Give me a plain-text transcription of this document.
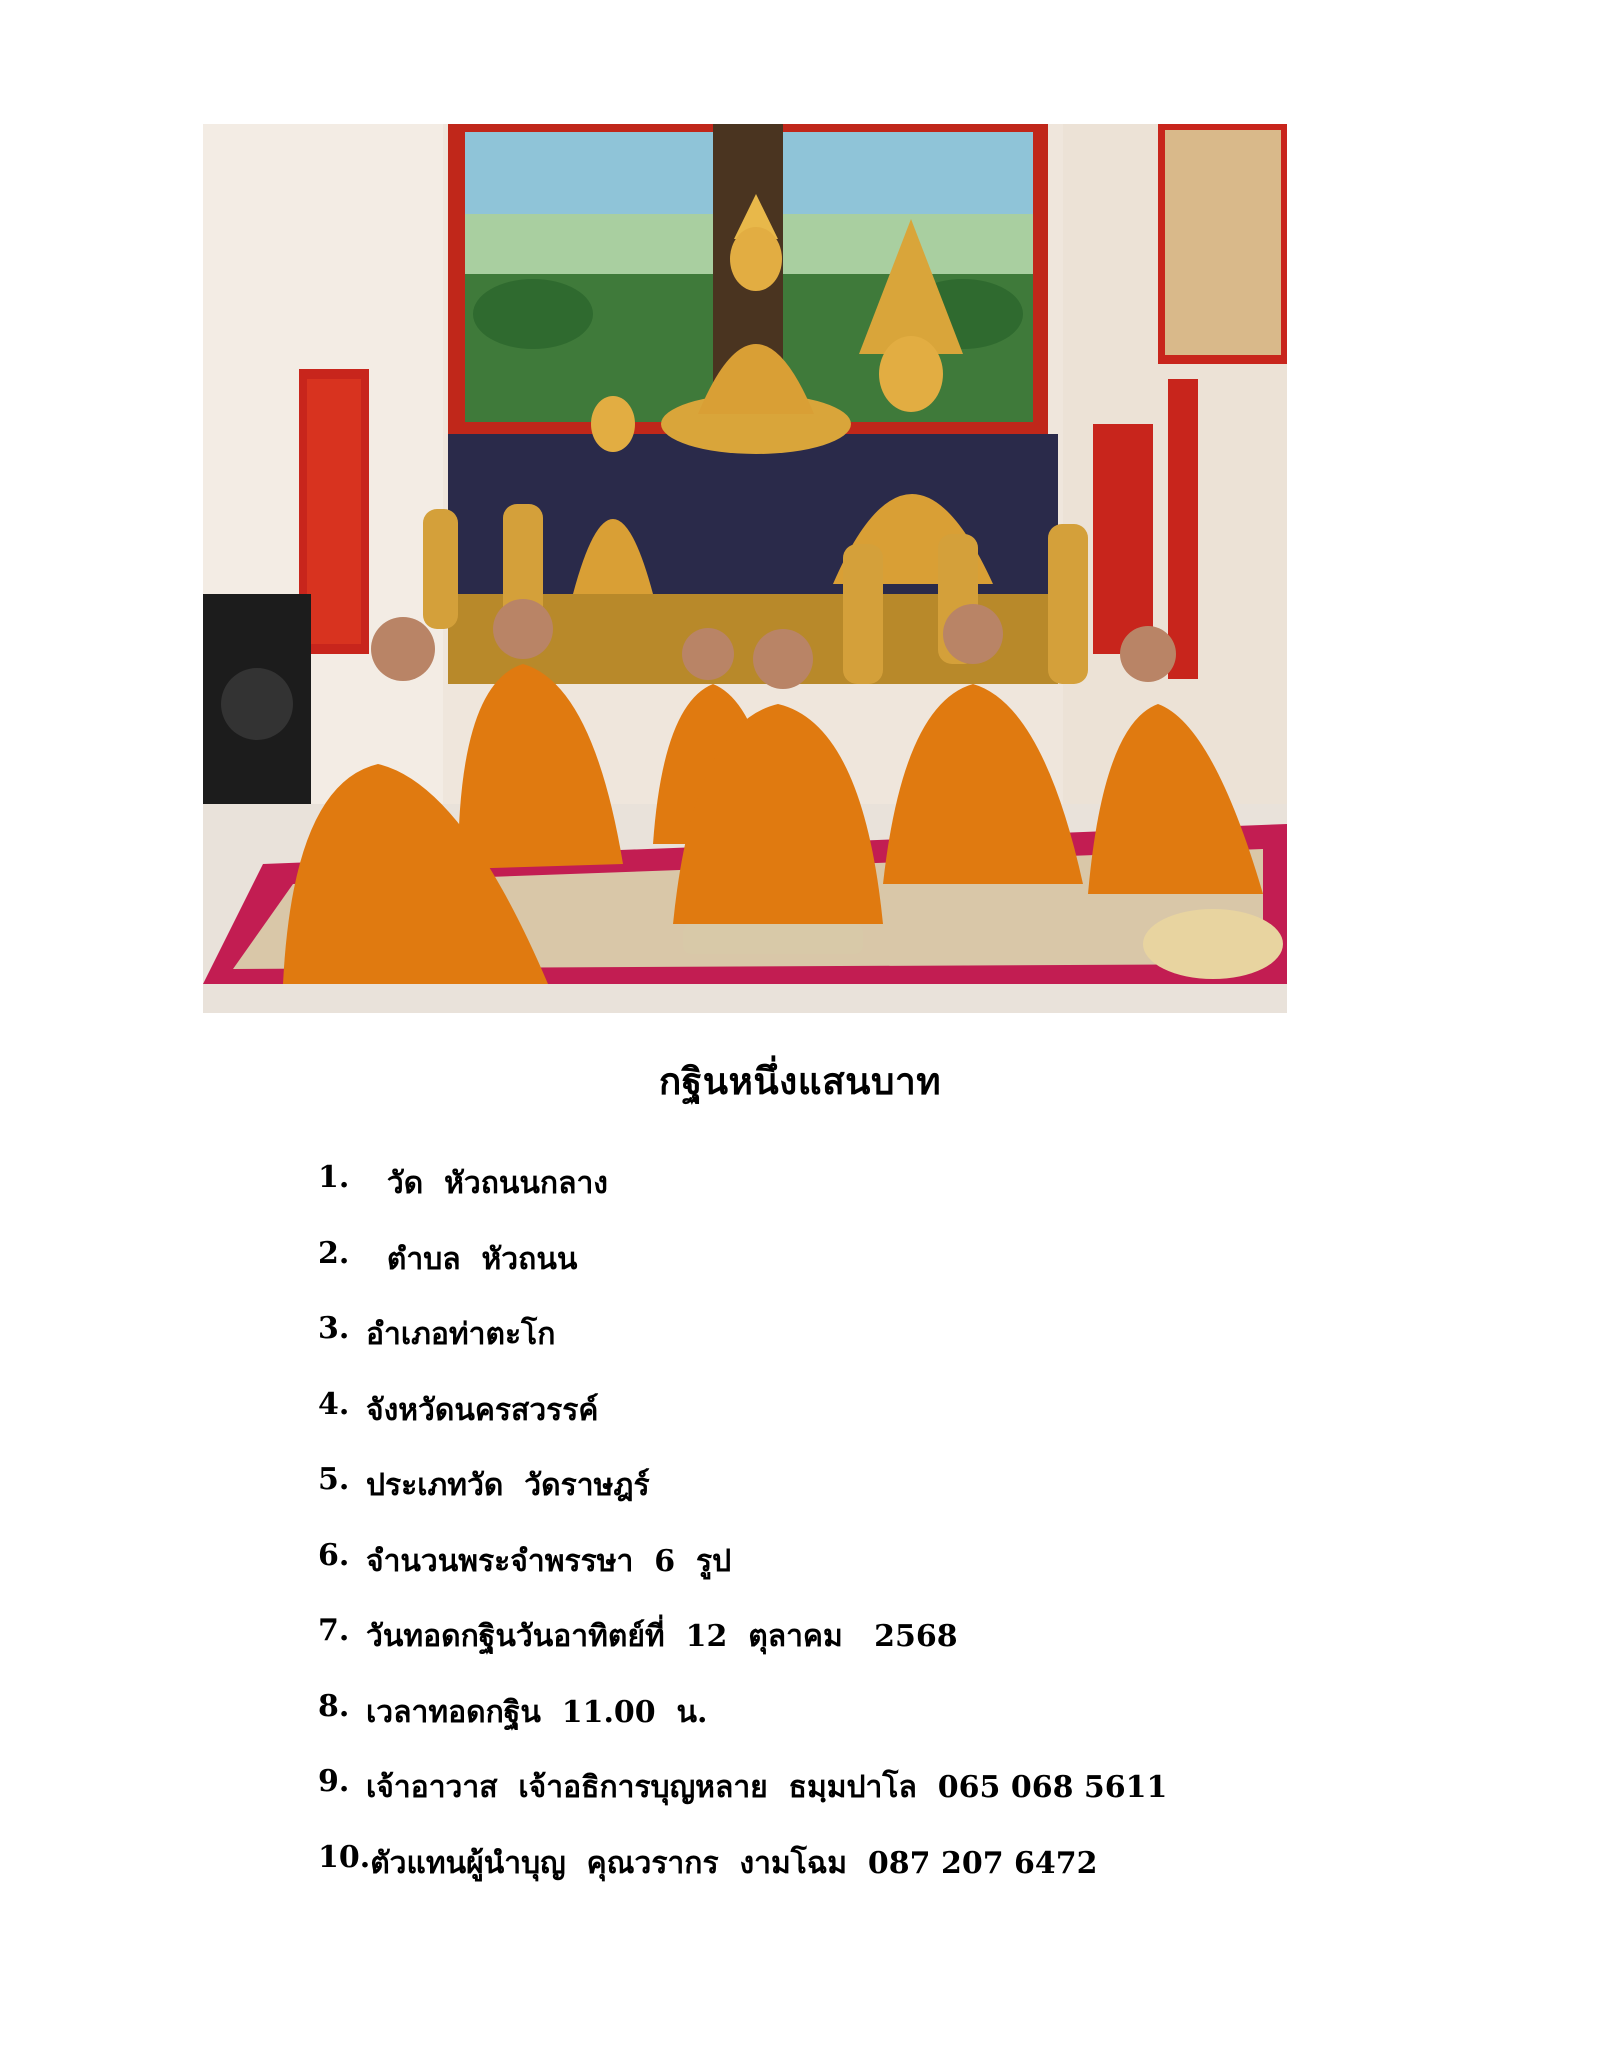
กฐินหนึ่งแสนบาท
1. วัด  หัวถนนกลาง
2. ตำบล  หัวถนน
3. อำเภอท่าตะโก
4. จังหวัดนครสวรรค์
5. ประเภทวัด  วัดราษฎร์
6. จำนวนพระจำพรรษา  6  รูป
7. วันทอดกฐินวันอาทิตย์ที่  12  ตุลาคม   2568
8. เวลาทอดกฐิน  11.00  น.
9. เจ้าอาวาส  เจ้าอธิการบุญหลาย  ธมฺมปาโล  065 068 5611
10. ตัวแทนผู้นำบุญ  คุณวรากร  งามโฉม  087 207 6472
